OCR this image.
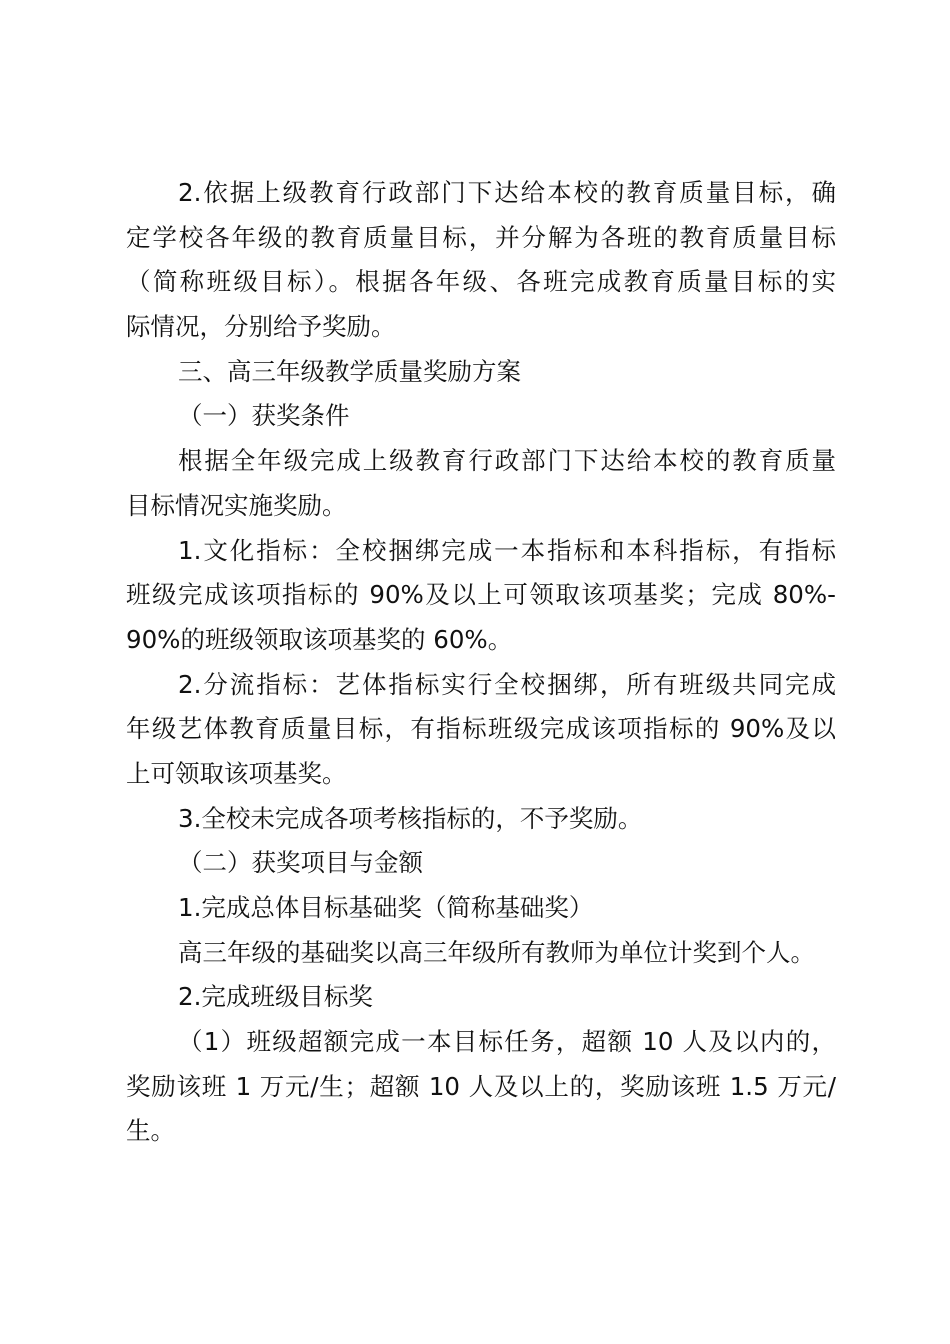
2.依据上级教育行政部门下达给本校的教育质量目标，确
定学校各年级的教育质量目标，并分解为各班的教育质量目标
（简称班级目标）。根据各年级、各班完成教育质量目标的实
际情况，分别给予奖励。
三、高三年级教学质量奖励方案
（一）获奖条件
根据全年级完成上级教育行政部门下达给本校的教育质量
目标情况实施奖励。
1.文化指标：全校捆绑完成一本指标和本科指标，有指标
班级完成该项指标的 90%及以上可领取该项基奖；完成 80%-
90%的班级领取该项基奖的 60%。
2.分流指标：艺体指标实行全校捆绑，所有班级共同完成
年级艺体教育质量目标，有指标班级完成该项指标的 90%及以
上可领取该项基奖。
3.全校未完成各项考核指标的，不予奖励。
（二）获奖项目与金额
1.完成总体目标基础奖（简称基础奖）
高三年级的基础奖以高三年级所有教师为单位计奖到个人。
2.完成班级目标奖
（1）班级超额完成一本目标任务，超额 10 人及以内的，
奖励该班 1 万元/生；超额 10 人及以上的，奖励该班 1.5 万元/
生。
